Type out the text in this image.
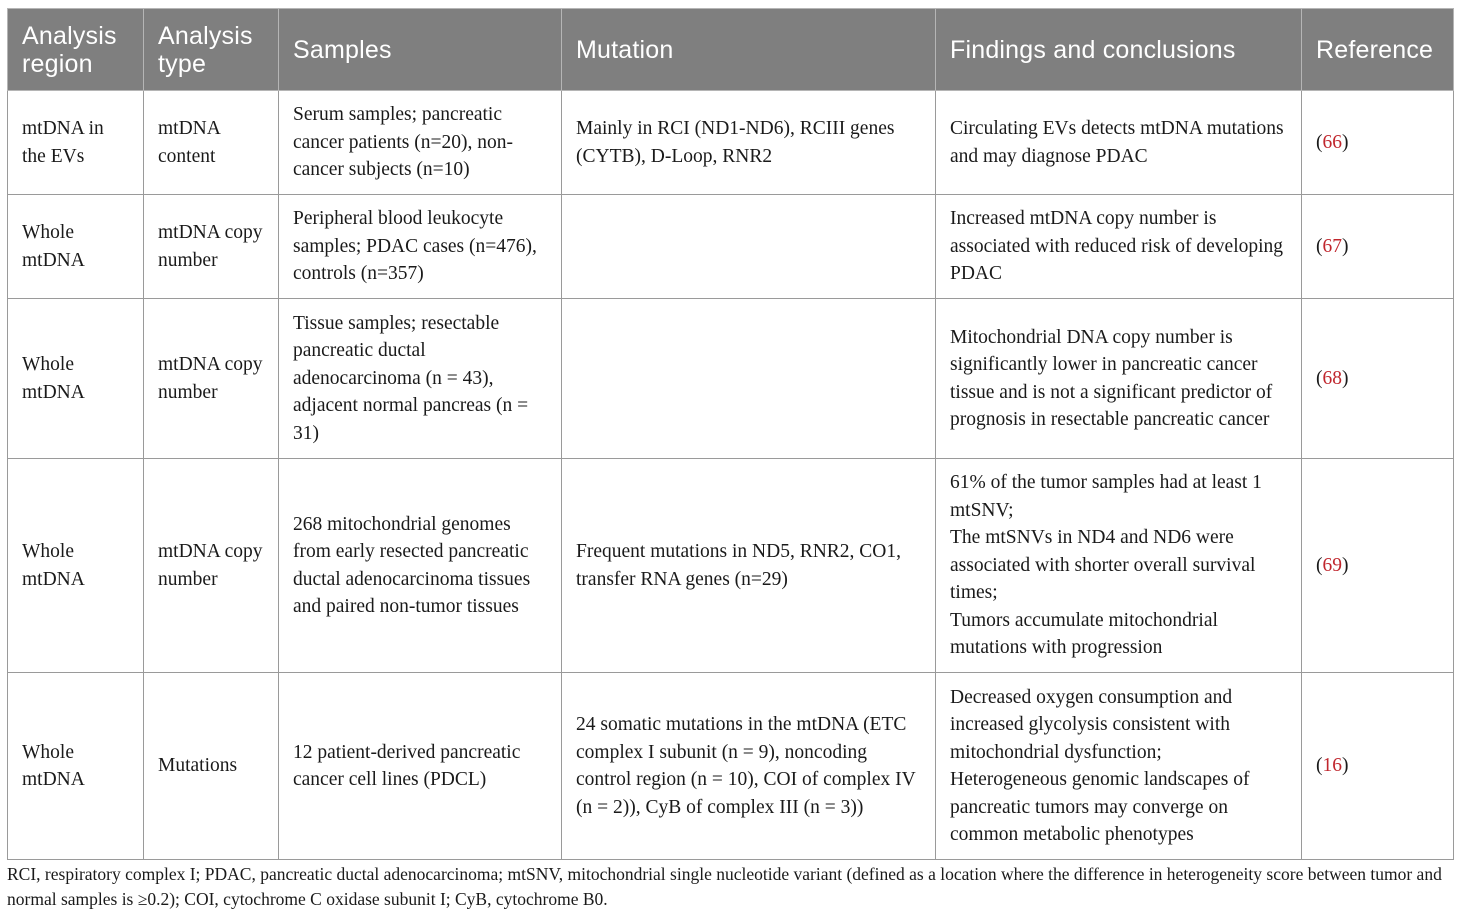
Analysis region	Analysis type	Samples	Mutation	Findings and conclusions	Reference
mtDNA in the EVs	mtDNA content	Serum samples; pancreatic cancer patients (n=20), non-cancer subjects (n=10)	Mainly in RCI (ND1-ND6), RCIII genes (CYTB), D-Loop, RNR2	Circulating EVs detects mtDNA mutations and may diagnose PDAC	(66)
Whole mtDNA	mtDNA copy number	Peripheral blood leukocyte samples; PDAC cases (n=476), controls (n=357)		Increased mtDNA copy number is associated with reduced risk of developing PDAC	(67)
Whole mtDNA	mtDNA copy number	Tissue samples; resectable pancreatic ductal adenocarcinoma (n = 43), adjacent normal pancreas (n = 31)		Mitochondrial DNA copy number is significantly lower in pancreatic cancer tissue and is not a significant predictor of prognosis in resectable pancreatic cancer	(68)
Whole mtDNA	mtDNA copy number	268 mitochondrial genomes from early resected pancreatic ductal adenocarcinoma tissues and paired non-tumor tissues	Frequent mutations in ND5, RNR2, CO1, transfer RNA genes (n=29)	61% of the tumor samples had at least 1 mtSNV;
The mtSNVs in ND4 and ND6 were associated with shorter overall survival times;
Tumors accumulate mitochondrial mutations with progression	(69)
Whole mtDNA	Mutations	12 patient-derived pancreatic cancer cell lines (PDCL)	24 somatic mutations in the mtDNA (ETC complex I subunit (n = 9), noncoding control region (n = 10), COI of complex IV (n = 2)), CyB of complex III (n = 3))	Decreased oxygen consumption and increased glycolysis consistent with mitochondrial dysfunction;
Heterogeneous genomic landscapes of pancreatic tumors may converge on common metabolic phenotypes	(16)
RCI, respiratory complex I; PDAC, pancreatic ductal adenocarcinoma; mtSNV, mitochondrial single nucleotide variant (defined as a location where the difference in heterogeneity score between tumor and normal samples is ≥0.2); COI, cytochrome C oxidase subunit I; CyB, cytochrome B0.
